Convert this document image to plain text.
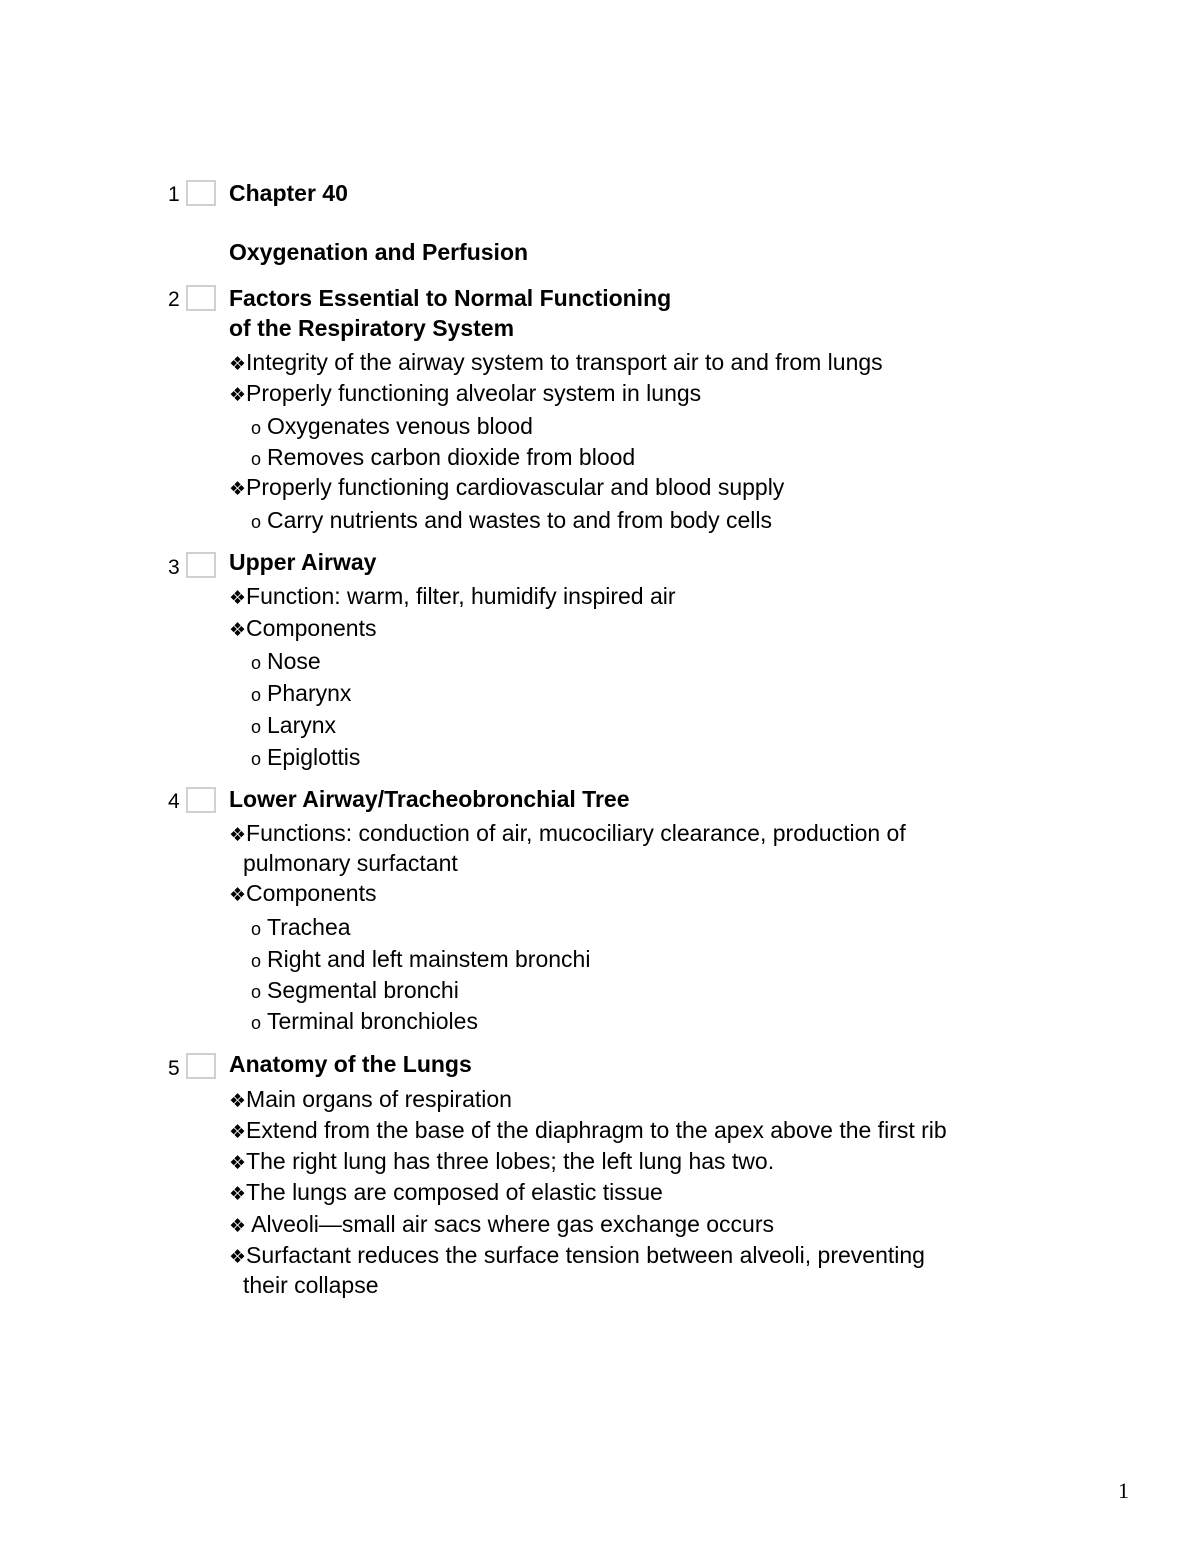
1 Chapter 40
Oxygenation and Perfusion
2 Factors Essential to Normal Functioning
of the Respiratory System
❖Integrity of the airway system to transport air to and from lungs
❖Properly functioning alveolar system in lungs
o Oxygenates venous blood
o Removes carbon dioxide from blood
❖Properly functioning cardiovascular and blood supply
o Carry nutrients and wastes to and from body cells
3 Upper Airway
❖Function: warm, filter, humidify inspired air
❖Components
o Nose
o Pharynx
o Larynx
o Epiglottis
4 Lower Airway/Tracheobronchial Tree
❖Functions: conduction of air, mucociliary clearance, production of
pulmonary surfactant
❖Components
o Trachea
o Right and left mainstem bronchi
o Segmental bronchi
o Terminal bronchioles
5 Anatomy of the Lungs
❖Main organs of respiration
❖Extend from the base of the diaphragm to the apex above the first rib
❖The right lung has three lobes; the left lung has two.
❖The lungs are composed of elastic tissue
❖ Alveoli—small air sacs where gas exchange occurs
❖Surfactant reduces the surface tension between alveoli, preventing
their collapse
1
